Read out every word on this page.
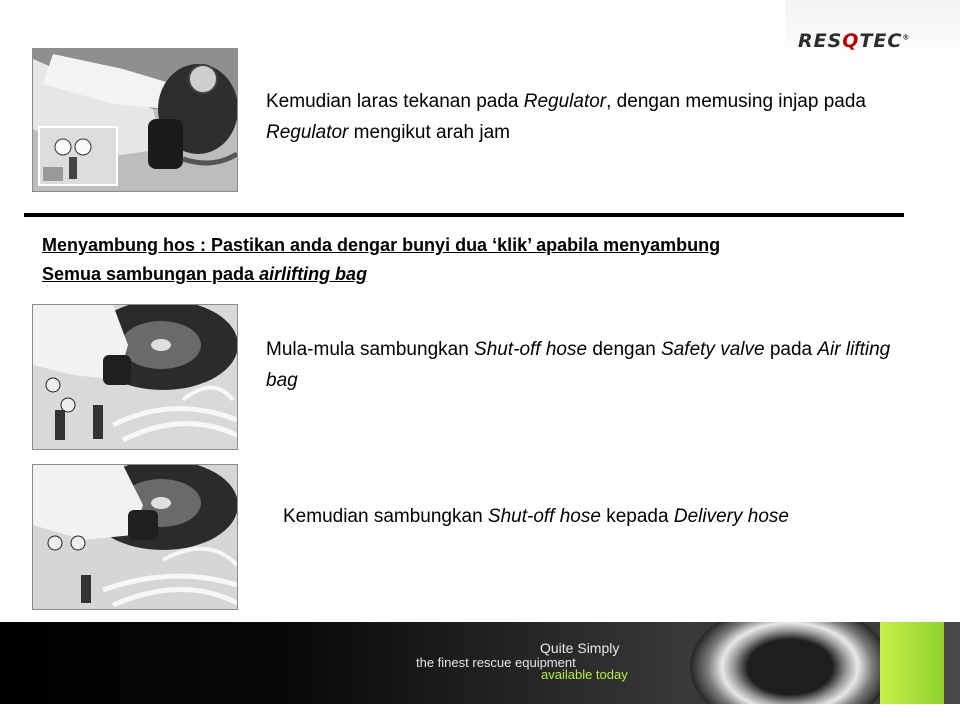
RESQTEC®
Kemudian laras tekanan pada Regulator, dengan memusing injap pada Regulator mengikut arah jam
Menyambung hos : Pastikan anda dengar bunyi dua ‘klik’ apabila menyambung
Semua sambungan pada airlifting bag
Mula-mula sambungkan Shut-off hose dengan Safety valve pada Air lifting bag
Kemudian sambungkan Shut-off hose kepada Delivery hose
Quite Simply
the finest rescue equipment
available today
